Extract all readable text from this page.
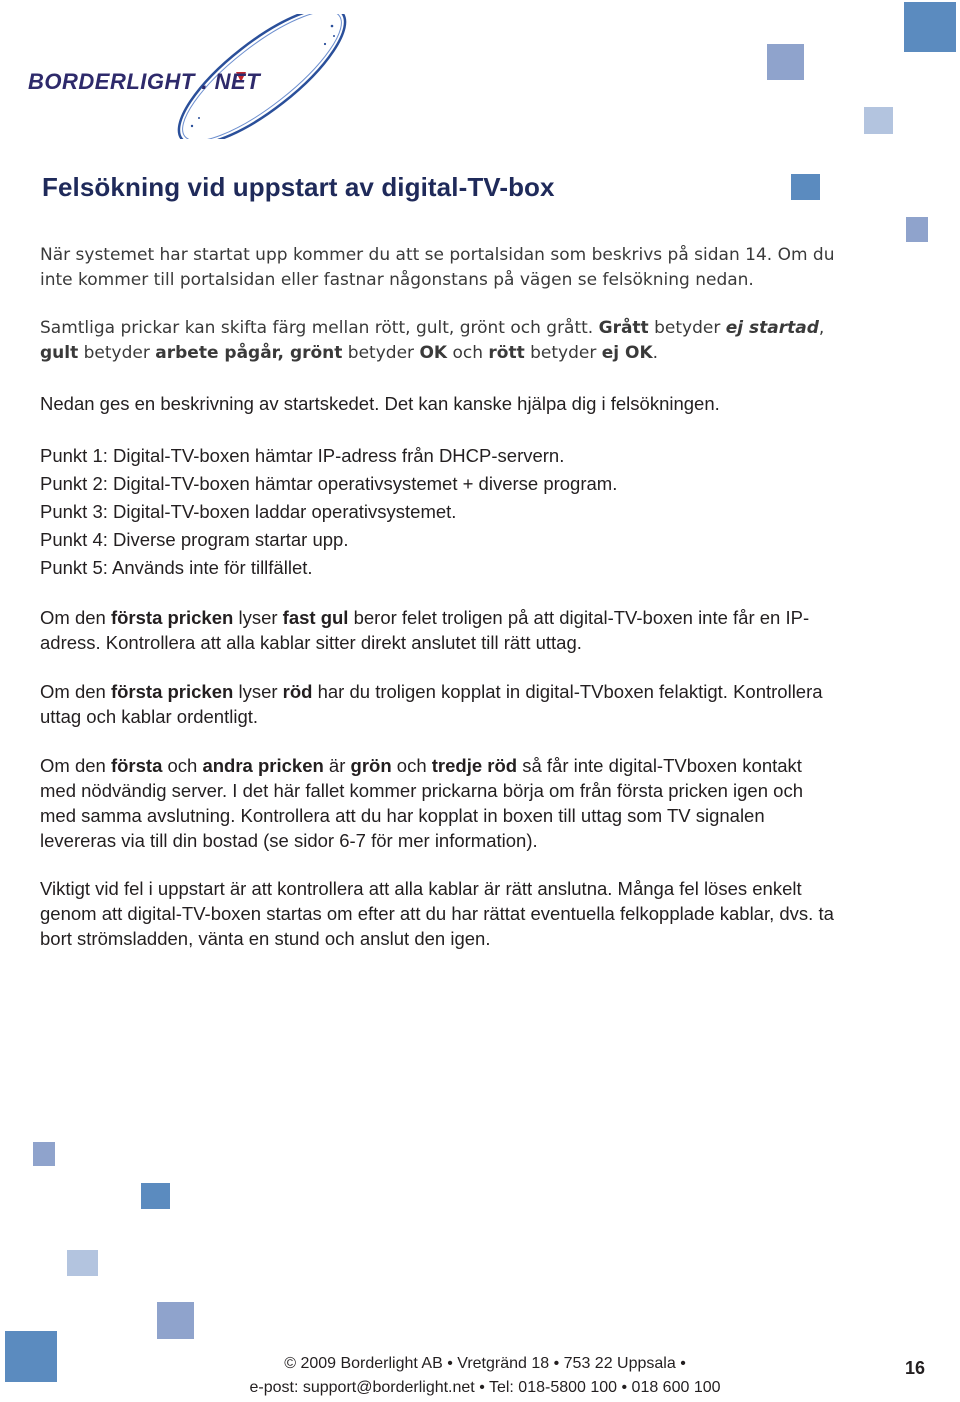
BORDERLIGHT . NET
Felsökning vid uppstart av digital-TV-box

När systemet har startat upp kommer du att se portalsidan som beskrivs på sidan 14. Om du inte kommer till portalsidan eller fastnar någonstans på vägen se felsökning nedan.

Samtliga prickar kan skifta färg mellan rött, gult, grönt och grått. Grått betyder ej startad, gult betyder arbete pågår, grönt betyder OK och rött betyder ej OK.

Nedan ges en beskrivning av startskedet. Det kan kanske hjälpa dig i felsökningen.

Punkt 1: Digital-TV-boxen hämtar IP-adress från DHCP-servern.
Punkt 2: Digital-TV-boxen hämtar operativsystemet + diverse program.
Punkt 3: Digital-TV-boxen laddar operativsystemet.
Punkt 4: Diverse program startar upp.
Punkt 5: Används inte för tillfället.

Om den första pricken lyser fast gul beror felet troligen på att digital-TV-boxen inte får en IP-adress. Kontrollera att alla kablar sitter direkt anslutet till rätt uttag.

Om den första pricken lyser röd har du troligen kopplat in digital-TVboxen felaktigt. Kontrollera uttag och kablar ordentligt.

Om den första och andra pricken är grön och tredje röd så får inte digital-TVboxen kontakt med nödvändig server. I det här fallet kommer prickarna börja om från första pricken igen och med samma avslutning. Kontrollera att du har kopplat in boxen till uttag som TV signalen levereras via till din bostad (se sidor 6-7 för mer information).

Viktigt vid fel i uppstart är att kontrollera att alla kablar är rätt anslutna. Många fel löses enkelt genom att digital-TV-boxen startas om efter att du har rättat eventuella felkopplade kablar, dvs. ta bort strömsladden, vänta en stund och anslut den igen.

© 2009 Borderlight AB • Vretgränd 18 • 753 22 Uppsala •
e-post: support@borderlight.net • Tel: 018-5800 100 • 018 600 100
16
